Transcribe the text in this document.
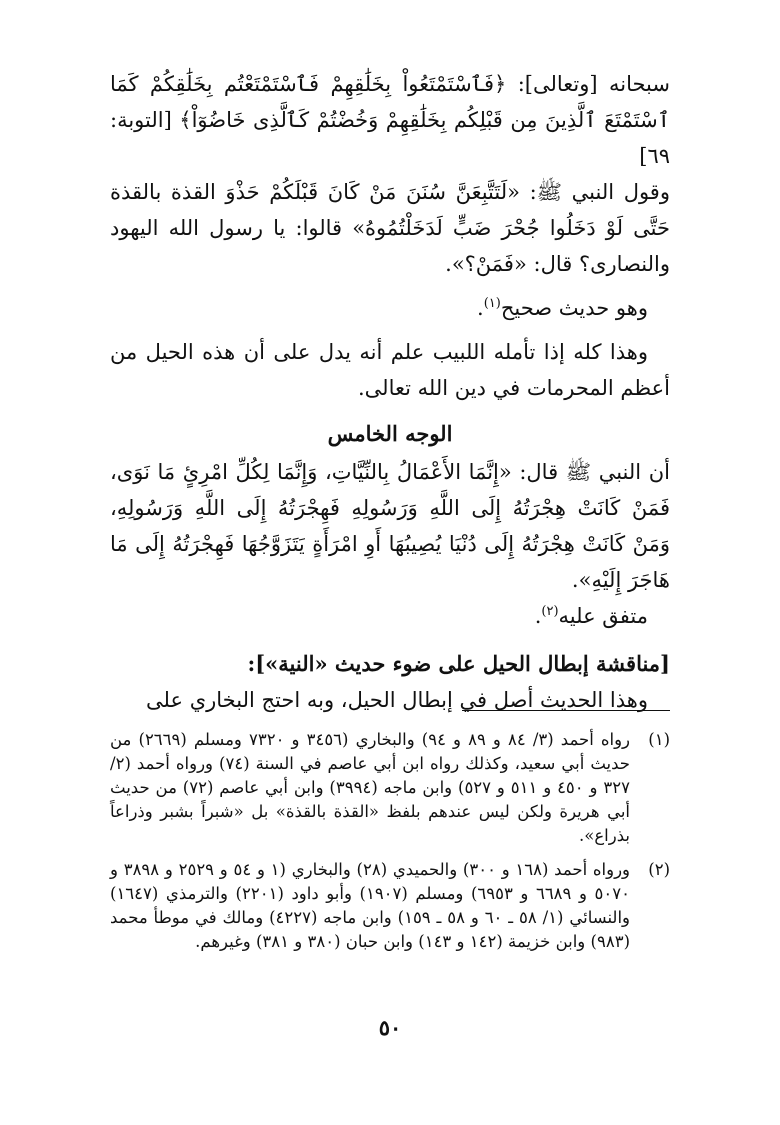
سبحانه [وتعالى]: ﴿فَٱسْتَمْتَعُواْ بِخَلَٰقِهِمْ فَٱسْتَمْتَعْتُم بِخَلَٰقِكُمْ كَمَا ٱسْتَمْتَعَ ٱلَّذِينَ مِن قَبْلِكُم بِخَلَٰقِهِمْ وَخُضْتُمْ كَٱلَّذِى خَاضُوٓاْ﴾ [التوبة: ٦٩]

وقول النبي ﷺ: «لَتَتَّبِعَنَّ سُنَنَ مَنْ كَانَ قَبْلَكُمْ حَذْوَ القذة بالقذة حَتَّى لَوْ دَخَلُوا جُحْرَ ضَبٍّ لَدَخَلْتُمُوهُ» قالوا: يا رسول الله اليهود والنصارى؟ قال: «فَمَنْ؟».

وهو حديث صحيح$^{(١)}$.

وهذا كله إذا تأمله اللبيب علم أنه يدل على أن هذه الحيل من أعظم المحرمات في دين الله تعالى.

الوجه الخامس

أن النبي ﷺ قال: «إِنَّمَا الأَعْمَالُ بِالنِّيَّاتِ، وَإِنَّمَا لِكُلِّ امْرِئٍ مَا نَوَى، فَمَنْ كَانَتْ هِجْرَتُهُ إِلَى اللَّهِ وَرَسُولِهِ فَهِجْرَتُهُ إِلَى اللَّهِ وَرَسُولِهِ، وَمَنْ كَانَتْ هِجْرَتُهُ إِلَى دُنْيَا يُصِيبُهَا أَوِ امْرَأَةٍ يَتَزَوَّجُهَا فَهِجْرَتُهُ إِلَى مَا هَاجَرَ إِلَيْهِ».

متفق عليه$^{(٢)}$.

[مناقشة إبطال الحيل على ضوء حديث «النية»]:

وهذا الحديث أصل في إبطال الحيل، وبه احتج البخاري على

(١)
رواه أحمد (٣/ ٨٤ و ٨٩ و ٩٤) والبخاري (٣٤٥٦ و ٧٣٢٠ ومسلم (٢٦٦٩) من حديث أبي سعيد، وكذلك رواه ابن أبي عاصم في السنة (٧٤) ورواه أحمد (٢/ ٣٢٧ و ٤٥٠ و ٥١١ و ٥٢٧) وابن ماجه (٣٩٩٤) وابن أبي عاصم (٧٢) من حديث أبي هريرة ولكن ليس عندهم بلفظ «القذة بالقذة» بل «شبراً بشبر وذراعاً بذراع».
(٢)
ورواه أحمد (١٦٨ و ٣٠٠) والحميدي (٢٨) والبخاري (١ و ٥٤ و ٢٥٢٩ و ٣٨٩٨ و ٥٠٧٠ و ٦٦٨٩ و ٦٩٥٣) ومسلم (١٩٠٧) وأبو داود (٢٢٠١) والترمذي (١٦٤٧) والنسائي (١/ ٥٨ ـ ٦٠ و ٥٨ ـ ١٥٩) وابن ماجه (٤٢٢٧) ومالك في موطأ محمد (٩٨٣) وابن خزيمة (١٤٢ و ١٤٣) وابن حبان (٣٨٠ و ٣٨١) وغيرهم.
٥٠
